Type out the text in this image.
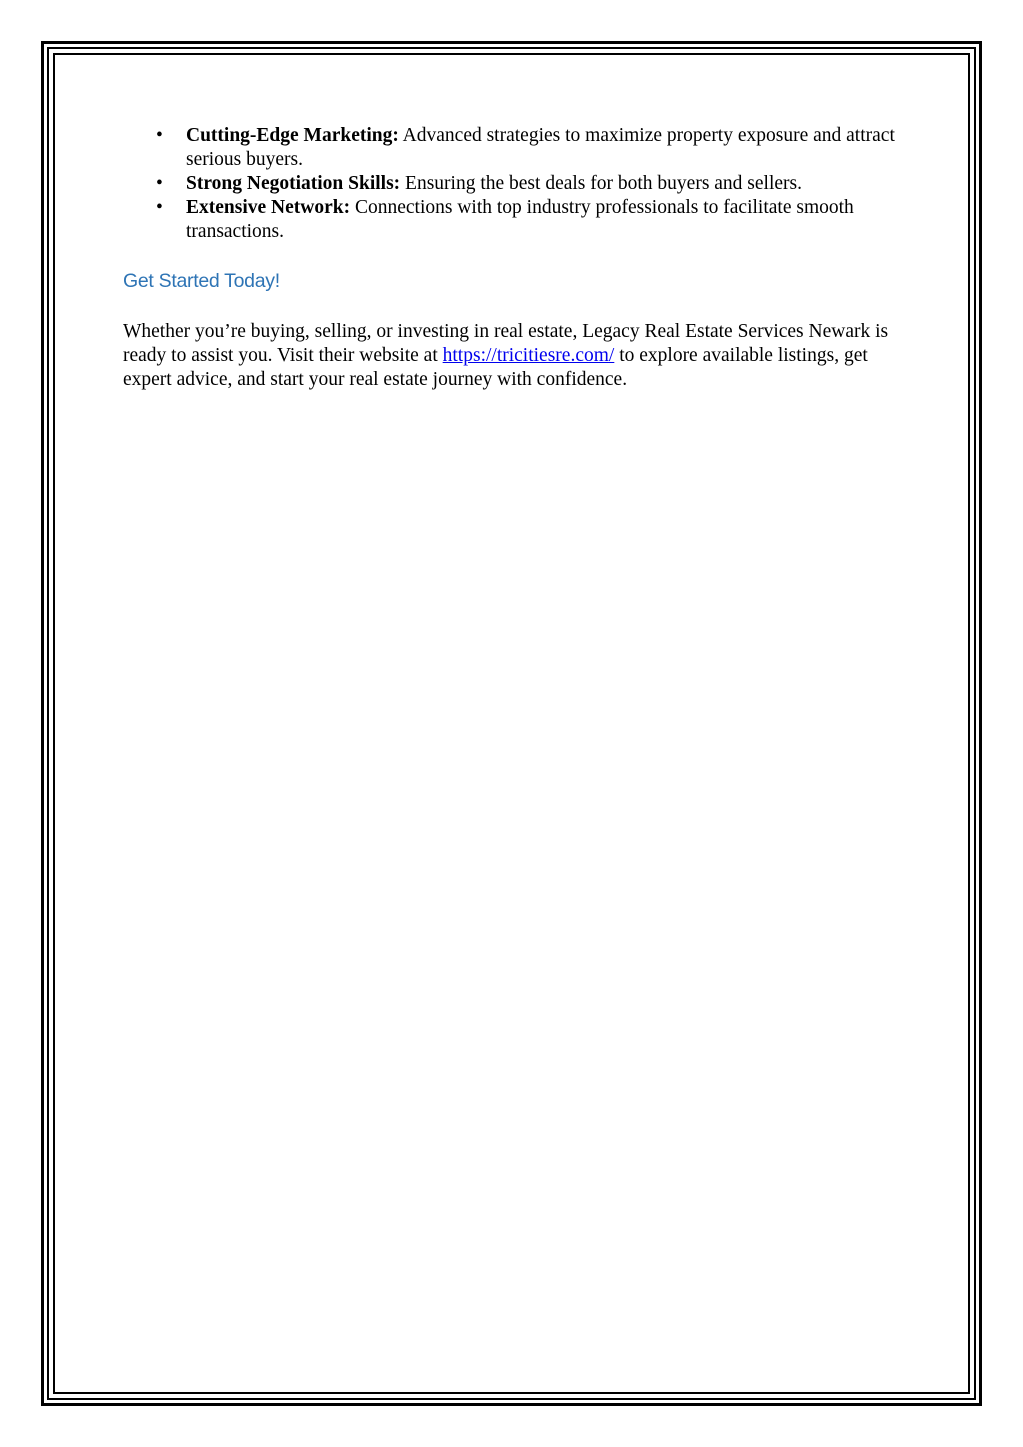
• Cutting-Edge Marketing: Advanced strategies to maximize property exposure and attract serious buyers.
• Strong Negotiation Skills: Ensuring the best deals for both buyers and sellers.
• Extensive Network: Connections with top industry professionals to facilitate smooth transactions.
Get Started Today!

Whether you’re buying, selling, or investing in real estate, Legacy Real Estate Services Newark is ready to assist you. Visit their website at https://tricitiesre.com/ to explore available listings, get expert advice, and start your real estate journey with confidence.
